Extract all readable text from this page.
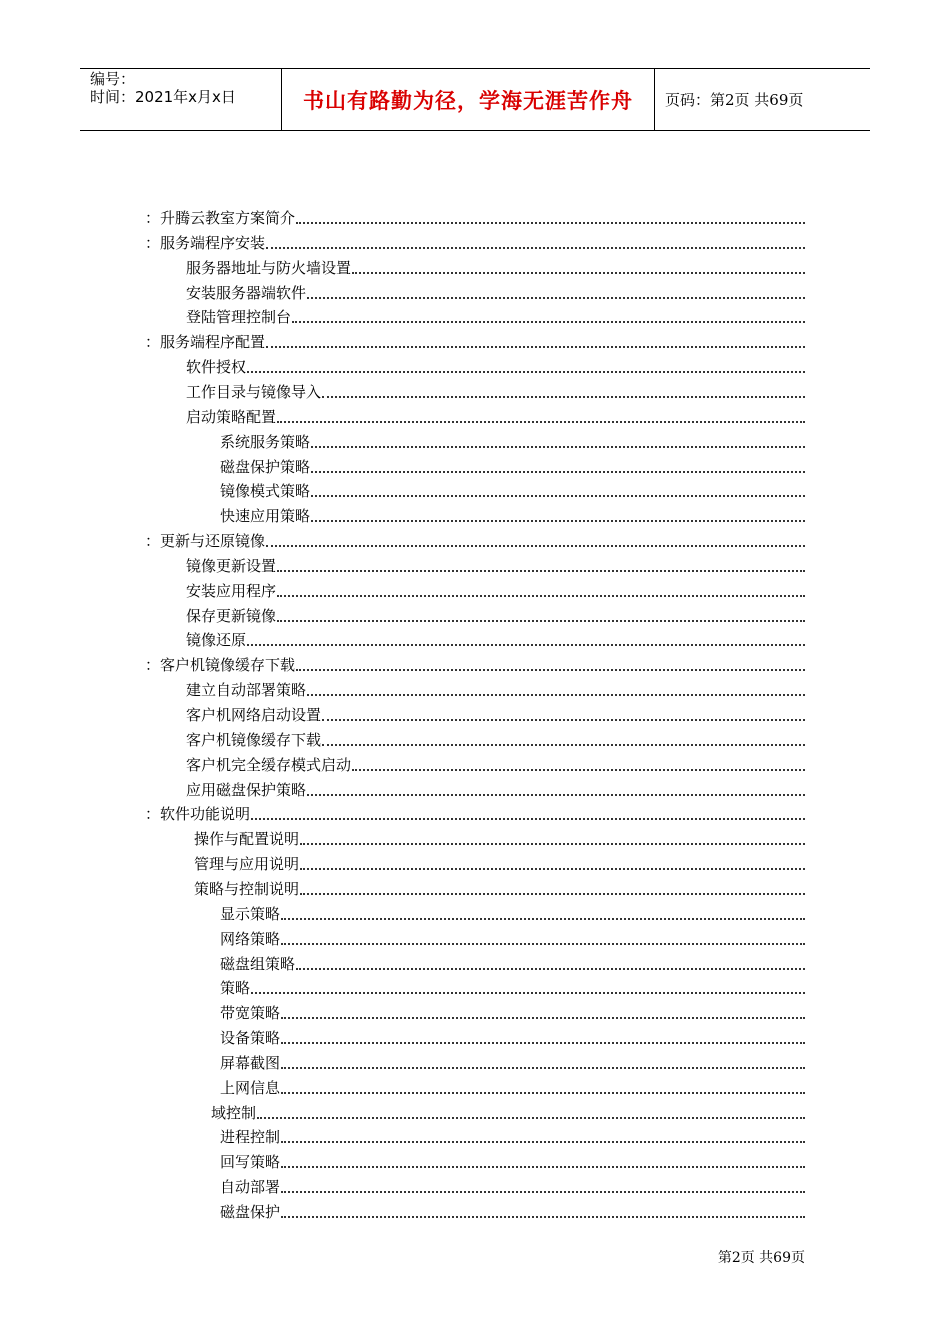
编号：
时间：2021年x月x日	书山有路勤为径，学海无涯苦作舟	页码：第2页 共69页
：升腾云教室方案简介
：服务端程序安装
服务器地址与防火墙设置
安装服务器端软件
登陆管理控制台
：服务端程序配置
软件授权
工作目录与镜像导入
启动策略配置
系统服务策略
磁盘保护策略
镜像模式策略
快速应用策略
：更新与还原镜像
镜像更新设置
安装应用程序
保存更新镜像
镜像还原
：客户机镜像缓存下载
建立自动部署策略
客户机网络启动设置
客户机镜像缓存下载
客户机完全缓存模式启动
应用磁盘保护策略
：软件功能说明
操作与配置说明
管理与应用说明
策略与控制说明
显示策略
网络策略
磁盘组策略
策略
带宽策略
设备策略
屏幕截图
上网信息
域控制
进程控制
回写策略
自动部署
磁盘保护
第2页 共69页
